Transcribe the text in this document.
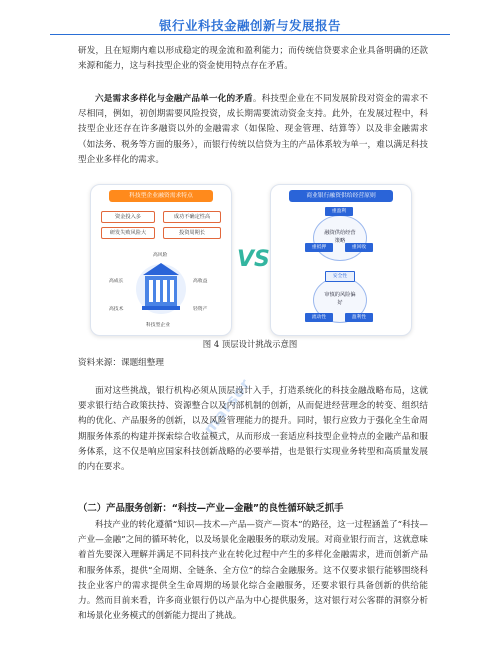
银行业科技金融创新与发展报告

研发，且在短期内难以形成稳定的现金流和盈利能力；而传统信贷要求企业具备明确的还款来源和能力，这与科技型企业的资金使用特点存在矛盾。

六是需求多样化与金融产品单一化的矛盾。科技型企业在不同发展阶段对资金的需求不尽相同，例如，初创期需要风险投资，成长期需要流动资金支持。此外，在发展过程中，科技型企业还存在许多融资以外的金融需求（如保险、现金管理、结算等）以及非金融需求（如法务、税务等方面的服务），而银行传统以信贷为主的产品体系较为单一，难以满足科技型企业多样化的需求。

科技型企业融资需求特点
资金投入多	成功不确定性高
研发失败风险大	投资周期长
高风险
高成长	高收益
高技术	轻资产
科技型企业
VS
商业银行融资供给经营原则
融资供给经营策略
重盈利
重抵押	重回收
审慎的风险偏好
安全性
流动性	盈利性
图 4 顶层设计挑战示意图
资料来源：课题组整理
marsor

面对这些挑战，银行机构必须从顶层设计入手，打造系统化的科技金融战略布局，这就要求银行结合政策扶持、资源整合以及内部机制的创新，从而促进经营理念的转变、组织结构的优化、产品服务的创新，以及风险管理能力的提升。同时，银行应致力于强化全生命周期服务体系的构建并探索综合收益模式，从而形成一套适应科技型企业特点的金融产品和服务体系，这不仅是响应国家科技创新战略的必要举措，也是银行实现业务转型和高质量发展的内在要求。

（二）产品服务创新：“科技—产业—金融”的良性循环缺乏抓手

科技产业的转化遵循“知识—技术—产品—资产—资本”的路径，这一过程涵盖了“科技—产业—金融”之间的循环转化，以及场景化金融服务的联动发展。对商业银行而言，这就意味着首先要深入理解并满足不同科技产业在转化过程中产生的多样化金融需求，进而创新产品和服务体系，提供“全周期、全链条、全方位”的综合金融服务。这不仅要求银行能够围绕科技企业客户的需求提供全生命周期的场景化综合金融服务，还要求银行具备创新的供给能力。然而目前来看，许多商业银行仍以产品为中心提供服务，这对银行对公客群的洞察分析和场景化业务模式的创新能力提出了挑战。
